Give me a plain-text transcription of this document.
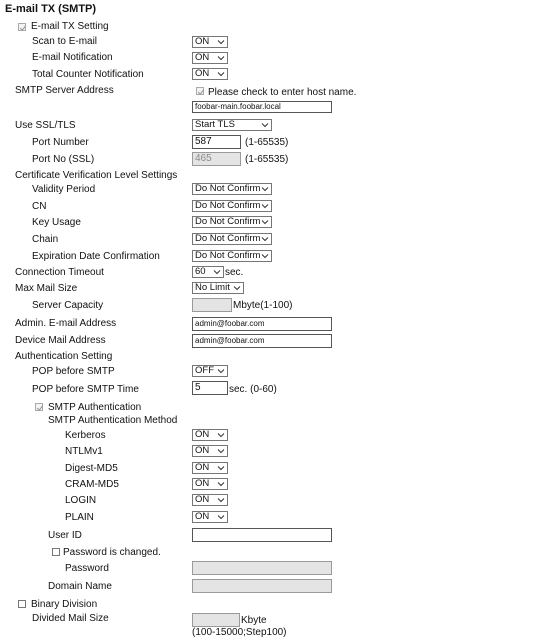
E-mail TX (SMTP)
E-mail TX Setting
Scan to E-mail	ON
E-mail Notification	ON
Total Counter Notification	ON
SMTP Server Address	Please check to enter host name.
foobar-main.foobar.local
Use SSL/TLS	Start TLS
Port Number	587	(1-65535)
Port No (SSL)	465	(1-65535)
Certificate Verification Level Settings
Validity Period	Do Not Confirm
CN	Do Not Confirm
Key Usage	Do Not Confirm
Chain	Do Not Confirm
Expiration Date Confirmation	Do Not Confirm
Connection Timeout	60	sec.
Max Mail Size	No Limit
Server Capacity	Mbyte(1-100)
Admin. E-mail Address	admin@foobar.com
Device Mail Address	admin@foobar.com
Authentication Setting
POP before SMTP	OFF
POP before SMTP Time	5	sec. (0-60)
SMTP Authentication
SMTP Authentication Method
Kerberos	ON
NTLMv1	ON
Digest-MD5	ON
CRAM-MD5	ON
LOGIN	ON
PLAIN	ON
User ID
Password is changed.
Password
Domain Name
Binary Division
Divided Mail Size	Kbyte
(100-15000;Step100)
